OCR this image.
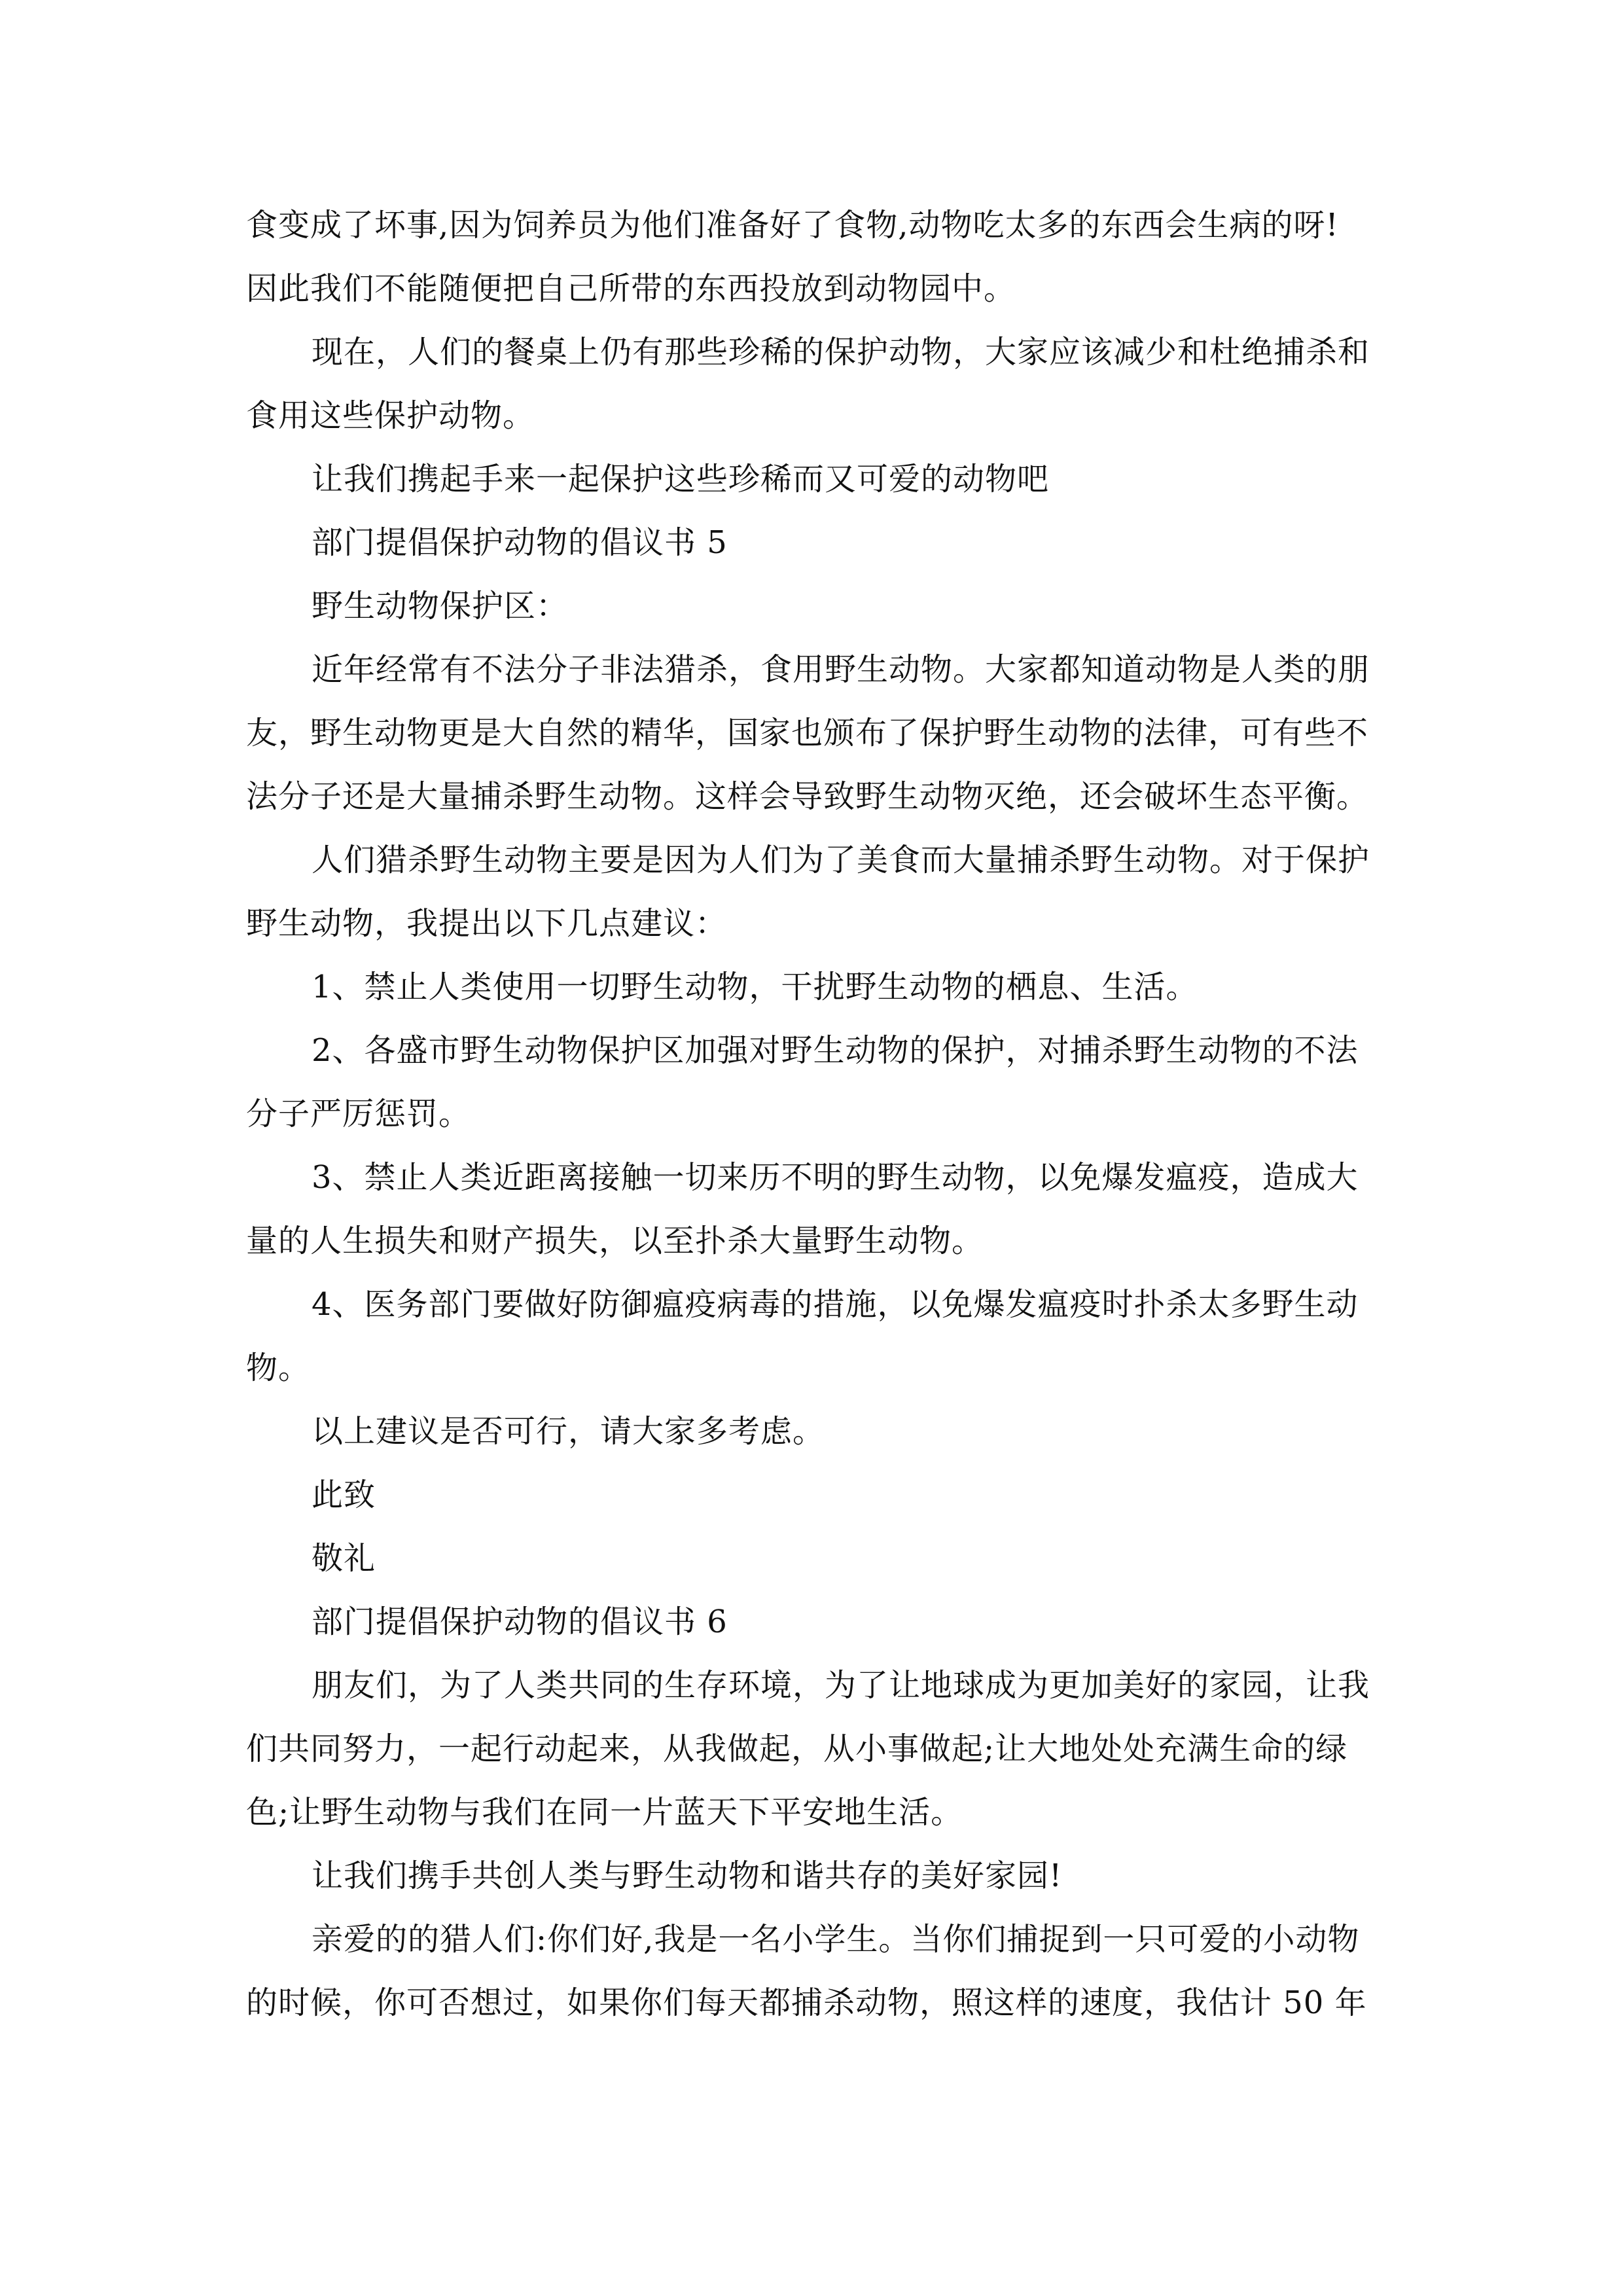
食变成了坏事,因为饲养员为他们准备好了食物,动物吃太多的东西会生病的呀!
因此我们不能随便把自己所带的东西投放到动物园中。
现在，人们的餐桌上仍有那些珍稀的保护动物，大家应该减少和杜绝捕杀和
食用这些保护动物。
让我们携起手来一起保护这些珍稀而又可爱的动物吧
部门提倡保护动物的倡议书 5
野生动物保护区：
近年经常有不法分子非法猎杀，食用野生动物。大家都知道动物是人类的朋
友，野生动物更是大自然的精华，国家也颁布了保护野生动物的法律，可有些不
法分子还是大量捕杀野生动物。这样会导致野生动物灭绝，还会破坏生态平衡。
人们猎杀野生动物主要是因为人们为了美食而大量捕杀野生动物。对于保护
野生动物，我提出以下几点建议：
1、禁止人类使用一切野生动物，干扰野生动物的栖息、生活。
2、各盛市野生动物保护区加强对野生动物的保护，对捕杀野生动物的不法
分子严厉惩罚。
3、禁止人类近距离接触一切来历不明的野生动物，以免爆发瘟疫，造成大
量的人生损失和财产损失，以至扑杀大量野生动物。
4、医务部门要做好防御瘟疫病毒的措施，以免爆发瘟疫时扑杀太多野生动
物。
以上建议是否可行，请大家多考虑。
此致
敬礼
部门提倡保护动物的倡议书 6
朋友们，为了人类共同的生存环境，为了让地球成为更加美好的家园，让我
们共同努力，一起行动起来，从我做起，从小事做起;让大地处处充满生命的绿
色;让野生动物与我们在同一片蓝天下平安地生活。
让我们携手共创人类与野生动物和谐共存的美好家园!
亲爱的的猎人们:你们好,我是一名小学生。当你们捕捉到一只可爱的小动物
的时候，你可否想过，如果你们每天都捕杀动物，照这样的速度，我估计 50 年
